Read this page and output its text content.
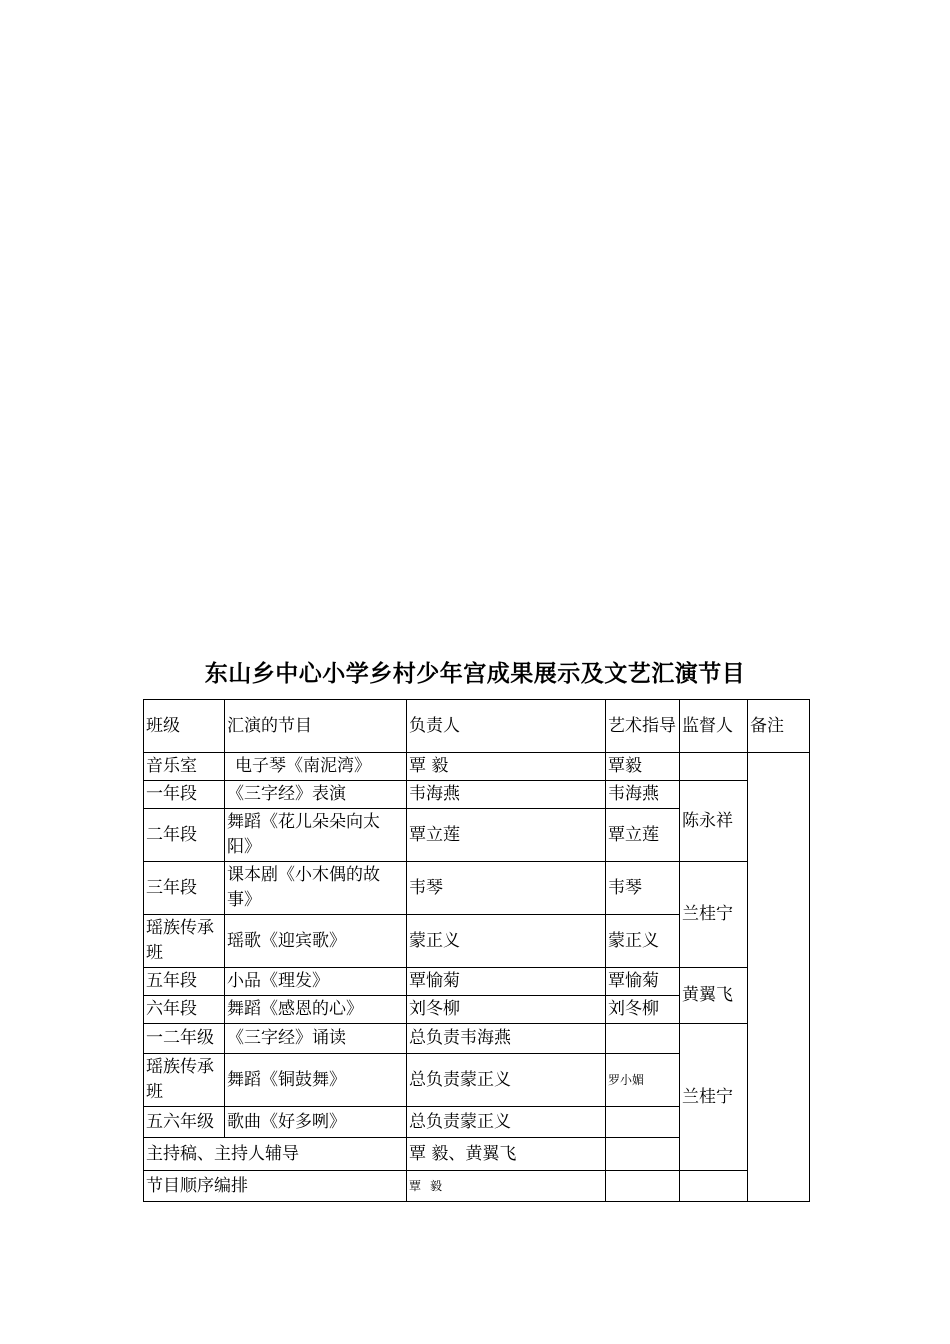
东山乡中心小学乡村少年宫成果展示及文艺汇演节目
班级	汇演的节目	负责人	艺术指导	监督人	备注
音乐室	电子琴《南泥湾》	覃 毅	覃毅		
一年段	《三字经》表演	韦海燕	韦海燕	陈永祥	
二年段	舞蹈《花儿朵朵向太阳》	覃立莲	覃立莲		
三年段	课本剧《小木偶的故事》	韦琴	韦琴	兰桂宁	
瑶族传承班	瑶歌《迎宾歌》	蒙正义	蒙正义		
五年段	小品《理发》	覃愉菊	覃愉菊	黄翼飞	
六年段	舞蹈《感恩的心》	刘冬柳	刘冬柳		
一二年级	《三字经》诵读	总负责韦海燕		兰桂宁	
瑶族传承班	舞蹈《铜鼓舞》	总负责蒙正义	罗小媚		
五六年级	歌曲《好多咧》	总负责蒙正义			
主持稿、主持人辅导		覃 毅、黄翼飞			
节目顺序编排		覃毅			
